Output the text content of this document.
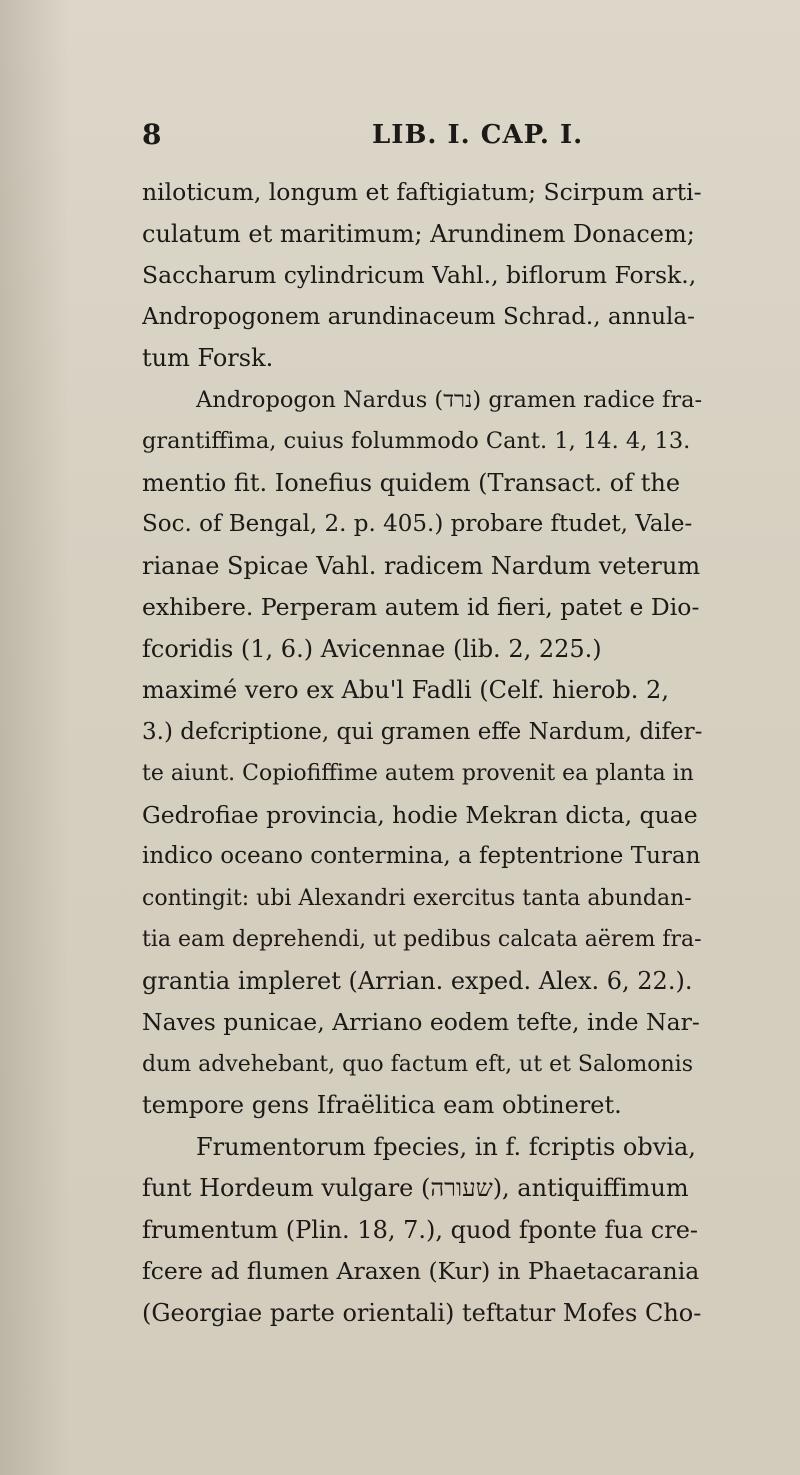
8	LIB. I. CAP. I.
niloticum, longum et faftigiatum; Scirpum arti-
culatum et maritimum; Arundinem Donacem;
Saccharum cylindricum Vahl., biflorum Forsk.,
Andropogonem arundinaceum Schrad., annula-
tum Forsk.
Andropogon Nardus (נרד) gramen radice fra-
grantiffima, cuius folummodo Cant. 1, 14. 4, 13.
mentio fit. Ionefius quidem (Transact. of the
Soc. of Bengal, 2. p. 405.) probare ftudet, Vale-
rianae Spicae Vahl. radicem Nardum veterum
exhibere. Perperam autem id fieri, patet e Dio-
fcoridis (1, 6.) Avicennae (lib. 2, 225.)
maximé vero ex Abu'l Fadli (Celf. hierob. 2,
3.) defcriptione, qui gramen effe Nardum, difer-
te aiunt. Copiofiffime autem provenit ea planta in
Gedrofiae provincia, hodie Mekran dicta, quae
indico oceano contermina, a feptentrione Turan
contingit: ubi Alexandri exercitus tanta abundan-
tia eam deprehendi, ut pedibus calcata aërem fra-
grantia impleret (Arrian. exped. Alex. 6, 22.).
Naves punicae, Arriano eodem tefte, inde Nar-
dum advehebant, quo factum eft, ut et Salomonis
tempore gens Ifraëlitica eam obtineret.
Frumentorum fpecies, in f. fcriptis obvia,
funt Hordeum vulgare (שעורה), antiquiffimum
frumentum (Plin. 18, 7.), quod fponte fua cre-
fcere ad flumen Araxen (Kur) in Phaetacarania
(Georgiae parte orientali) teftatur Mofes Cho-
